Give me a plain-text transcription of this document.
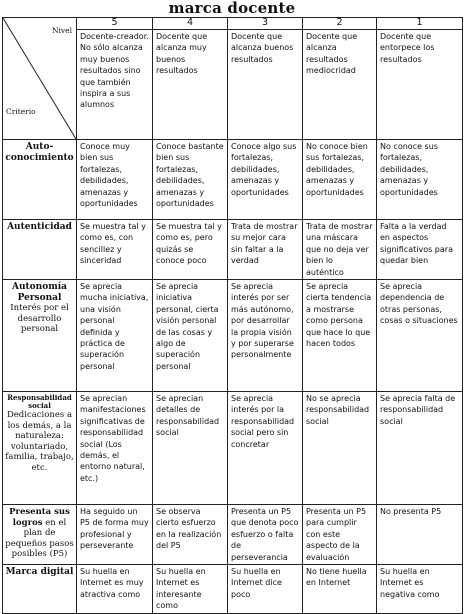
marca docente
Nivel
Criterio	5	4	3	2	1
	Docente-creador. No sólo alcanza muy buenos resultados sino que también inspira a sus alumnos	Docente que alcanza muy buenos resultados	Docente que alcanza buenos resultados	Docente que alcanza resultados mediocridad	Docente que entorpece los resultados

Auto-conocimiento	Conoce muy bien sus fortalezas, debilidades, amenazas y oportunidades	Conoce bastante bien sus fortalezas, debilidades, amenazas y oportunidades	Conoce algo sus fortalezas, debilidades, amenazas y oportunidades	No conoce bien sus fortalezas, debilidades, amenazas y oportunidades	No conoce sus fortalezas, debilidades, amenazas y oportunidades

Autenticidad	Se muestra tal y como es, con sencillez y sinceridad	Se muestra tal y como es, pero quizás se conoce poco	Trata de mostrar su mejor cara sin faltar a la verdad	Trata de mostrar una máscara que no deja ver bien lo auténtico	Falta a la verdad en aspectos significativos para quedar bien

Autonomía Personal
Interés por el desarrollo personal	Se aprecia mucha iniciativa, una visión personal definida y práctica de superación personal	Se aprecia iniciativa personal, cierta visión personal de las cosas y algo de superación personal	Se aprecia interés por ser más autónomo, por desarrollar la propia visión y por superarse personalmente	Se aprecia cierta tendencia a mostrarse como persona que hace lo que hacen todos	Se aprecia dependencia de otras personas, cosas o situaciones

Responsabilidad social
Dedicaciones a los demás, a la naturaleza: voluntariado, familia, trabajo, etc.	Se aprecian manifestaciones significativas de responsabilidad social (Los demás, el entorno natural, etc.)	Se aprecian detalles de responsabilidad social	Se aprecia interés por la responsabilidad social pero sin concretar	No se aprecia responsabilidad social	Se aprecia falta de responsabilidad social

Presenta sus logros en el plan de pequeños pasos posibles (P5)	Ha seguido un P5 de forma muy profesional y perseverante	Se observa cierto esfuerzo en la realización del P5	Presenta un P5 que denota poco esfuerzo o falta de perseverancia	Presenta un P5 para cumplir con este aspecto de la evaluación	No presenta P5

Marca digital	Su huella en Internet es muy atractiva como	Su huella en Internet es interesante como	Su huella en Internet dice poco	No tiene huella en Internet	Su huella en Internet es negativa como
